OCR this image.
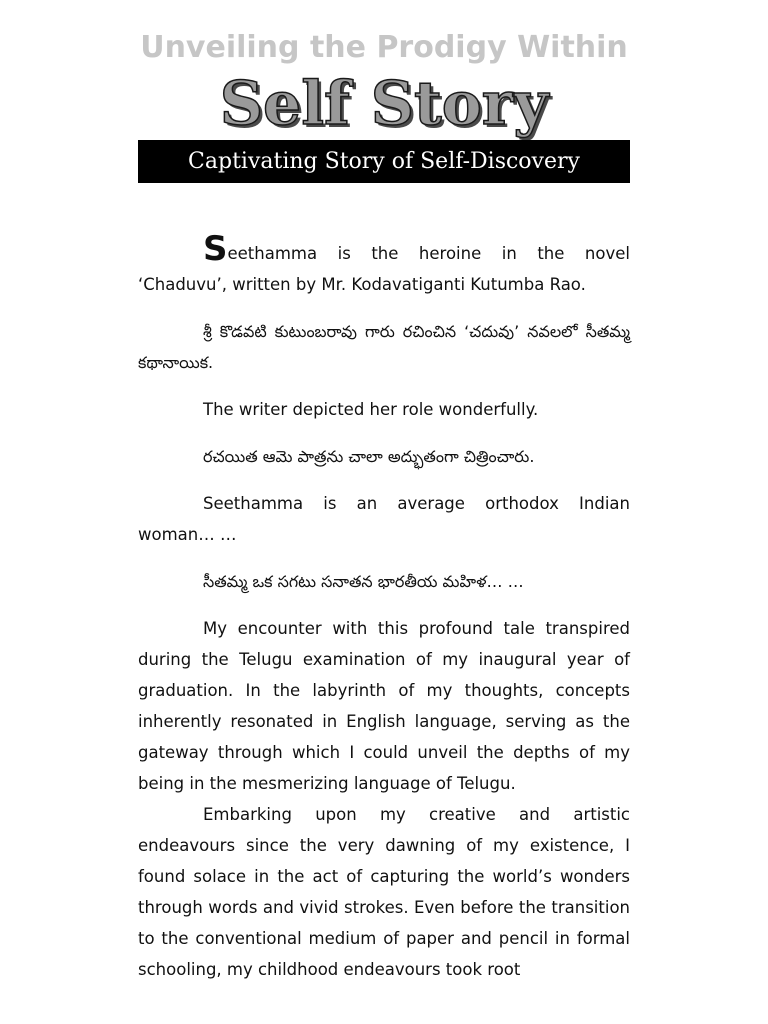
Unveiling the Prodigy Within
Self Story
Captivating Story of Self-Discovery

Seethamma is the heroine in the novel ‘Chaduvu’, written by Mr. Kodavatiganti Kutumba Rao.

శ్రీ కొడవటి కుటుంబరావు గారు రచించిన ‘చదువు’ నవలలో సీతమ్మ కథానాయిక.

The writer depicted her role wonderfully.

రచయిత ఆమె పాత్రను చాలా అద్భుతంగా చిత్రించారు.

Seethamma is an average orthodox Indian woman… …

సీతమ్మ ఒక సగటు సనాతన భారతీయ మహిళ… …

My encounter with this profound tale transpired during the Telugu examination of my inaugural year of graduation. In the labyrinth of my thoughts, concepts inherently resonated in English language, serving as the gateway through which I could unveil the depths of my being in the mesmerizing language of Telugu.

Embarking upon my creative and artistic endeavours since the very dawning of my existence, I found solace in the act of capturing the world’s wonders through words and vivid strokes. Even before the transition to the conventional medium of paper and pencil in formal schooling, my childhood endeavours took root
